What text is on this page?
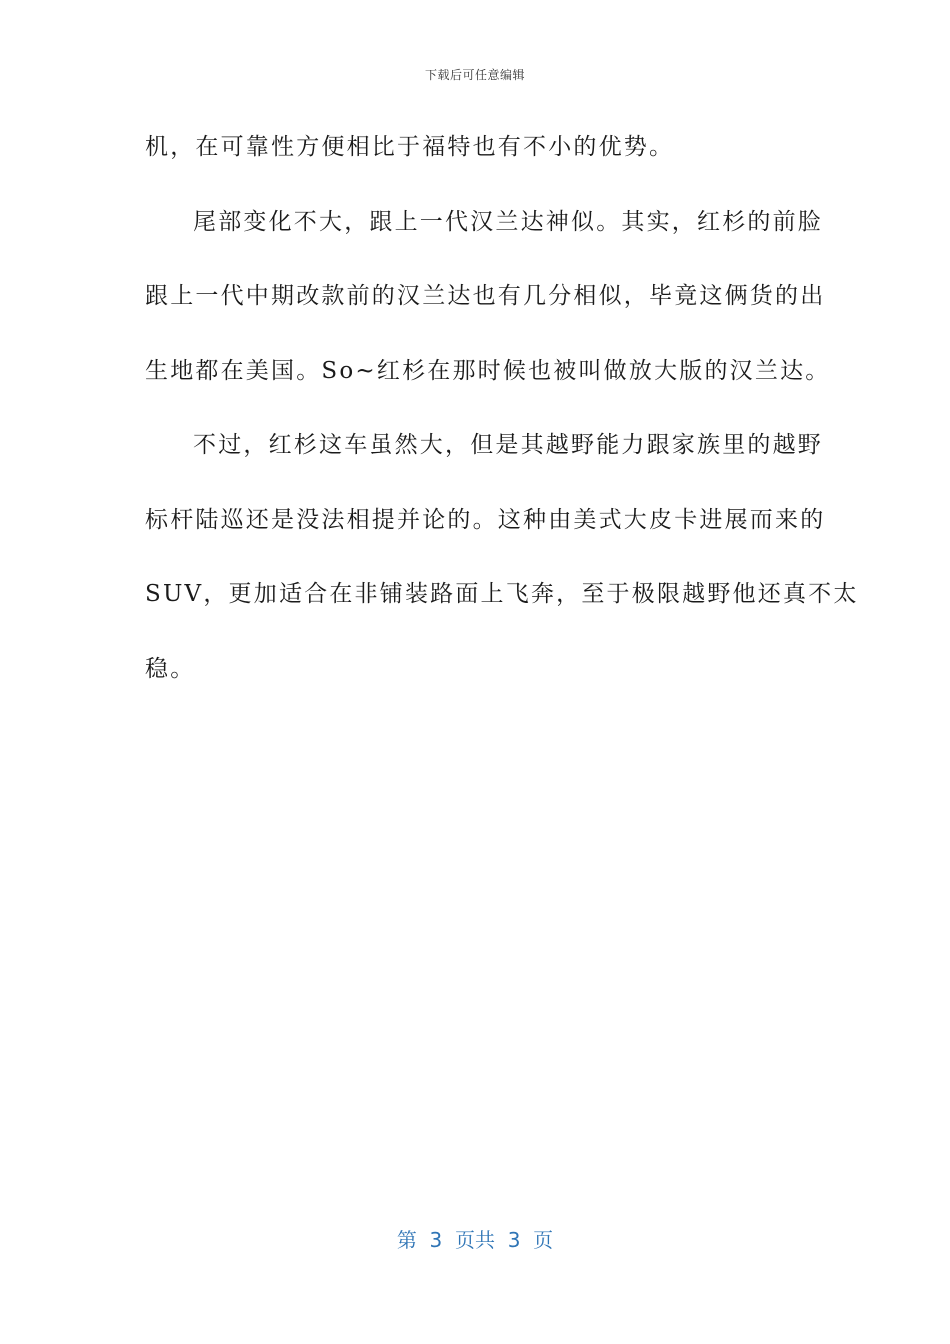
下载后可任意编辑
机，在可靠性方便相比于福特也有不小的优势。
尾部变化不大，跟上一代汉兰达神似。其实，红杉的前脸
跟上一代中期改款前的汉兰达也有几分相似，毕竟这俩货的出
生地都在美国。So~红杉在那时候也被叫做放大版的汉兰达。
不过，红杉这车虽然大，但是其越野能力跟家族里的越野
标杆陆巡还是没法相提并论的。这种由美式大皮卡进展而来的
SUV，更加适合在非铺装路面上飞奔，至于极限越野他还真不太
稳。
第  3  页共  3  页
